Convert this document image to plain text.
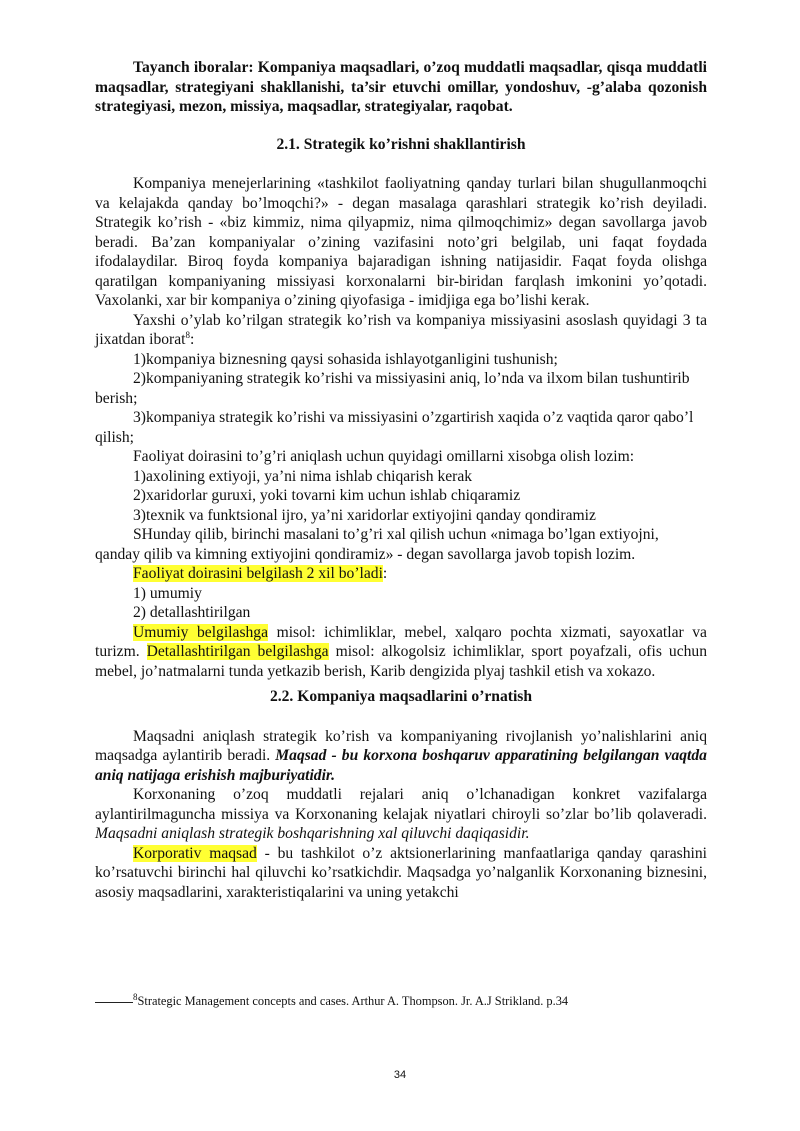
Tayanch iboralar: Kompaniya maqsadlari, o’zoq muddatli maqsadlar, qisqa muddatli maqsadlar, strategiyani shakllanishi, ta’sir etuvchi omillar, yondoshuv, -g’alaba qozonish strategiyasi, mezon, missiya, maqsadlar, strategiyalar, raqobat.

2.1. Strategik ko’rishni shakllantirish

Kompaniya menejerlarining «tashkilot faoliyatning qanday turlari bilan shugullanmoqchi va kelajakda qanday bo’lmoqchi?» - degan masalaga qarashlari strategik ko’rish deyiladi. Strategik ko’rish - «biz kimmiz, nima qilyapmiz, nima qilmoqchimiz» degan savollarga javob beradi. Ba’zan kompaniyalar o’zining vazifasini noto’gri belgilab, uni faqat foydada ifodalaydilar. Biroq foyda kompaniya bajaradigan ishning natijasidir. Faqat foyda olishga qaratilgan kompaniyaning missiyasi korxonalarni bir-biridan farqlash imkonini yo’qotadi. Vaxolanki, xar bir kompaniya o’zining qiyofasiga - imidjiga ega bo’lishi kerak.

Yaxshi o’ylab ko’rilgan strategik ko’rish va kompaniya missiyasini asoslash quyidagi 3 ta jixatdan iborat$^8$:

1)kompaniya biznesning qaysi sohasida ishlayotganligini tushunish;

2)kompaniyaning strategik ko’rishi va missiyasini aniq, lo’nda va ilxom bilan tushuntirib berish;

3)kompaniya strategik ko’rishi va missiyasini o’zgartirish xaqida o’z vaqtida qaror qabo’l qilish;

Faoliyat doirasini to’g’ri aniqlash uchun quyidagi omillarni xisobga olish lozim:

1)axolining extiyoji, ya’ni nima ishlab chiqarish kerak

2)xaridorlar guruxi, yoki tovarni kim uchun ishlab chiqaramiz

3)texnik va funktsional ijro, ya’ni xaridorlar extiyojini qanday qondiramiz

SHunday qilib, birinchi masalani to’g’ri xal qilish uchun «nimaga bo’lgan extiyojni, qanday qilib va kimning extiyojini qondiramiz» - degan savollarga javob topish lozim.

Faoliyat doirasini belgilash 2 xil bo’ladi:

1) umumiy

2) detallashtirilgan

Umumiy belgilashga misol: ichimliklar, mebel, xalqaro pochta xizmati, sayoxatlar va turizm. Detallashtirilgan belgilashga misol: alkogolsiz ichimliklar, sport poyafzali, ofis uchun mebel, jo’natmalarni tunda yetkazib berish, Karib dengizida plyaj tashkil etish va xokazo.

2.2. Kompaniya maqsadlarini o’rnatish

Maqsadni aniqlash strategik ko’rish va kompaniyaning rivojlanish yo’nalishlarini aniq maqsadga aylantirib beradi. Maqsad - bu korxona boshqaruv apparatining belgilangan vaqtda aniq natijaga erishish majburiyatidir.

Korxonaning o’zoq muddatli rejalari aniq o’lchanadigan konkret vazifalarga aylantirilmaguncha missiya va Korxonaning kelajak niyatlari chiroyli so’zlar bo’lib qolaveradi. Maqsadni aniqlash strategik boshqarishning xal qiluvchi daqiqasidir.

Korporativ maqsad - bu tashkilot o’z aktsionerlarining manfaatlariga qanday qarashini ko’rsatuvchi birinchi hal qiluvchi ko’rsatkichdir. Maqsadga yo’nalganlik Korxonaning biznesini, asosiy maqsadlarini, xarakteristiqalarini va uning yetakchi

$^8$Strategic Management concepts and cases. Arthur A. Thompson. Jr. A.J Strikland. p.34
34
